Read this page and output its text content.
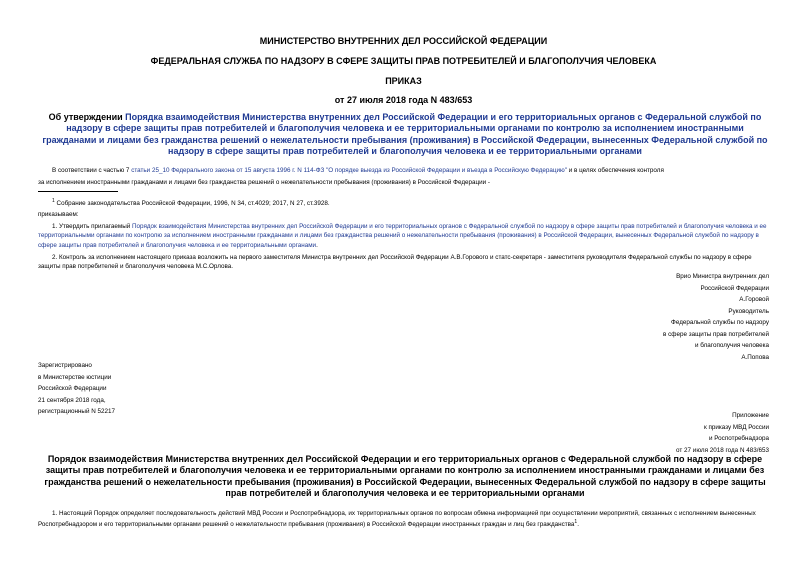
МИНИСТЕРСТВО ВНУТРЕННИХ ДЕЛ РОССИЙСКОЙ ФЕДЕРАЦИИ
ФЕДЕРАЛЬНАЯ СЛУЖБА ПО НАДЗОРУ В СФЕРЕ ЗАЩИТЫ ПРАВ ПОТРЕБИТЕЛЕЙ И БЛАГОПОЛУЧИЯ ЧЕЛОВЕКА
ПРИКАЗ
от 27 июля 2018 года N 483/653
Об утверждении Порядка взаимодействия Министерства внутренних дел Российской Федерации и его территориальных органов с Федеральной службой по надзору в сфере защиты прав потребителей и благополучия человека и ее территориальными органами по контролю за исполнением иностранными гражданами и лицами без гражданства решений о нежелательности пребывания (проживания) в Российской Федерации, вынесенных Федеральной службой по надзору в сфере защиты прав потребителей и благополучия человека и ее территориальными органами
В соответствии с частью 7 статьи 25_10 Федерального закона от 15 августа 1996 г. N 114-ФЗ "О порядке выезда из Российской Федерации и въезда в Российскую Федерацию" и в целях обеспечения контроля
за исполнением иностранными гражданами и лицами без гражданства решений о нежелательности пребывания (проживания) в Российской Федерации -
$^1$ Собрание законодательства Российской Федерации, 1996, N 34, ст.4029; 2017, N 27, ст.3928.
приказываем:
1. Утвердить прилагаемый Порядок взаимодействия Министерства внутренних дел Российской Федерации и его территориальных органов с Федеральной службой по надзору в сфере защиты прав потребителей и благополучия человека и ее территориальными органами по контролю за исполнением иностранными гражданами и лицами без гражданства решений о нежелательности пребывания (проживания) в Российской Федерации, вынесенных Федеральной службой по надзору в сфере защиты прав потребителей и благополучия человека и ее территориальными органами.
2. Контроль за исполнением настоящего приказа возложить на первого заместителя Министра внутренних дел Российской Федерации А.В.Горового и статс-секретаря - заместителя руководителя Федеральной службы по надзору в сфере защиты прав потребителей и благополучия человека М.С.Орлова.
Врио Министра внутренних дел
Российской Федерации
А.Горовой
Руководитель
Федеральной службы по надзору
в сфере защиты прав потребителей
и благополучия человека
А.Попова
Зарегистрировано
в Министерстве юстиции
Российской Федерации
21 сентября 2018 года,
регистрационный N 52217
Приложение
к приказу МВД России
и Роспотребнадзора
от 27 июля 2018 года N 483/653
Порядок взаимодействия Министерства внутренних дел Российской Федерации и его территориальных органов с Федеральной службой по надзору в сфере защиты прав потребителей и благополучия человека и ее территориальными органами по контролю за исполнением иностранными гражданами и лицами без гражданства решений о нежелательности пребывания (проживания) в Российской Федерации, вынесенных Федеральной службой по надзору в сфере защиты прав потребителей и благополучия человека и ее территориальными органами
1. Настоящий Порядок определяет последовательность действий МВД России и Роспотребнадзора, их территориальных органов по вопросам обмена информацией при осуществлении мероприятий, связанных с исполнением вынесенных Роспотребнадзором и его территориальными органами решений о нежелательности пребывания (проживания) в Российской Федерации иностранных граждан и лиц без гражданства$^1$.
